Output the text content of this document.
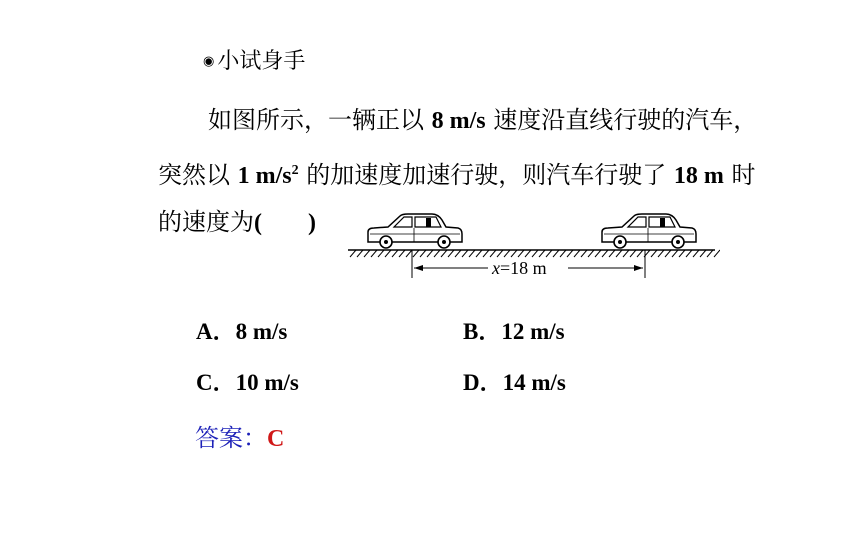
◉ 小试身手
如图所示，一辆正以 8 m/s 速度沿直线行驶的汽车，
突然以 1 $m/s^2$ 的加速度加速行驶，则汽车行驶了 18 m 时
的速度为( )
x=18 m
A．8 m/s	B．12 m/s
C．10 m/s	D．14 m/s
答案：C
